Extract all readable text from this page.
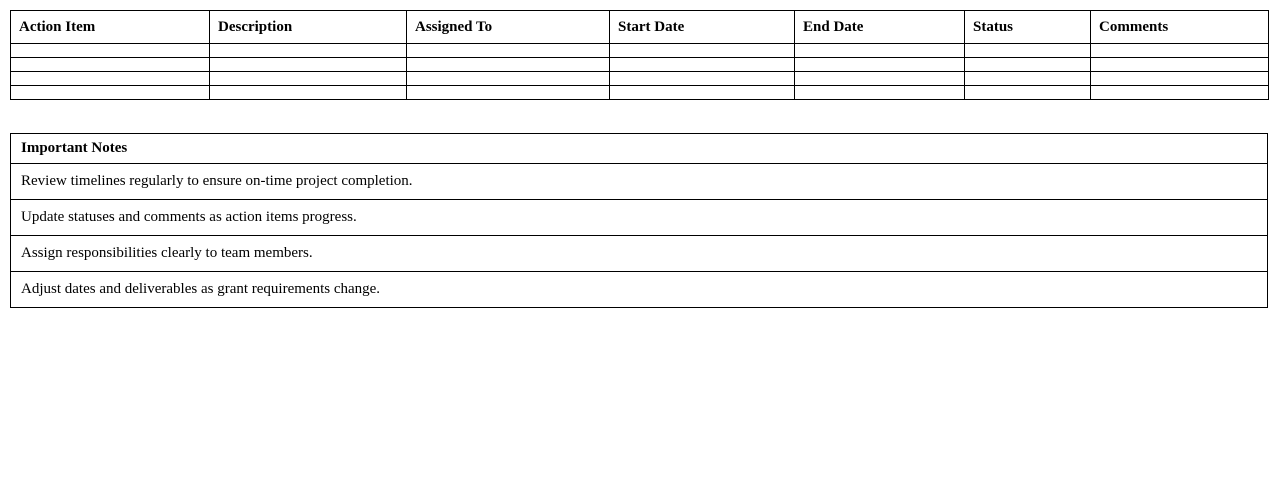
Action Item	Description	Assigned To	Start Date	End Date	Status	Comments

Important Notes
Review timelines regularly to ensure on-time project completion.
Update statuses and comments as action items progress.
Assign responsibilities clearly to team members.
Adjust dates and deliverables as grant requirements change.
